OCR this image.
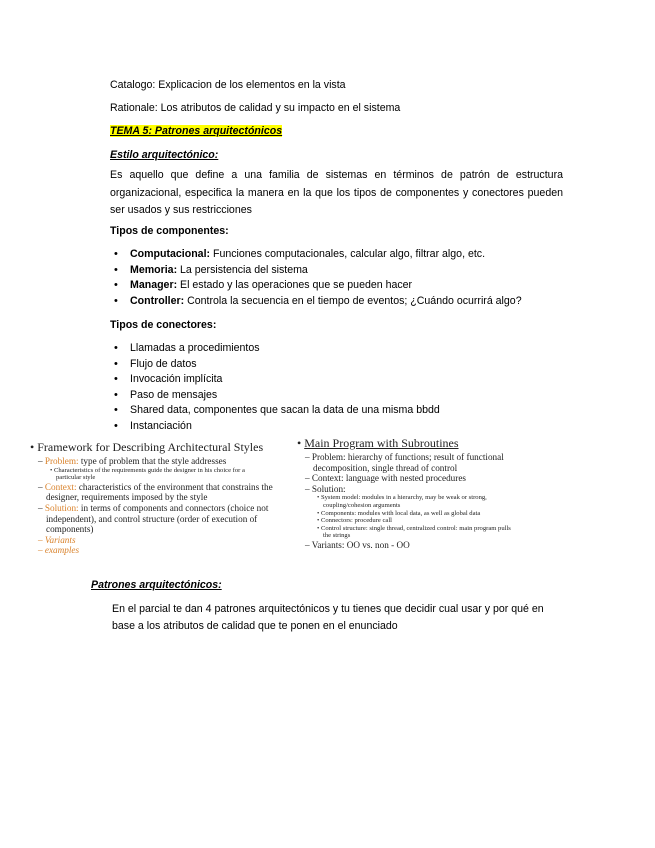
Catalogo: Explicacion de los elementos en la vista
Rationale: Los atributos de calidad y su impacto en el sistema
TEMA 5: Patrones arquitectónicos
Estilo arquitectónico:
Es aquello que define a una familia de sistemas en términos de patrón de estructura organizacional, especifica la manera en la que los tipos de componentes y conectores pueden ser usados y sus restricciones
Tipos de componentes:
• Computacional: Funciones computacionales, calcular algo, filtrar algo, etc.
• Memoria: La persistencia del sistema
• Manager: El estado y las operaciones que se pueden hacer
• Controller: Controla la secuencia en el tiempo de eventos; ¿Cuándo ocurrirá algo?
Tipos de conectores:
• Llamadas a procedimientos
• Flujo de datos
• Invocación implícita
• Paso de mensajes
• Shared data, componentes que sacan la data de una misma bbdd
• Instanciación
• Framework for Describing Architectural Styles
– Problem: type of problem that the style addresses
• Characteristics of the requirements guide the designer in his choice for a
particular style
– Context: characteristics of the environment that constrains the
designer, requirements imposed by the style
– Solution: in terms of components and connectors (choice not
independent), and control structure (order of execution of
components)
– Variants
– examples
• Main Program with Subroutines
– Problem: hierarchy of functions; result of functional
decomposition, single thread of control
– Context: language with nested procedures
– Solution:
• System model: modules in a hierarchy, may be weak or strong,
coupling/cohesion arguments
• Components: modules with local data, as well as global data
• Connectors: procedure call
• Control structure: single thread, centralized control: main program pulls
the strings
– Variants: OO vs. non - OO
Patrones arquitectónicos:
En el parcial te dan 4 patrones arquitectónicos y tu tienes que decidir cual usar y por qué en base a los atributos de calidad que te ponen en el enunciado
